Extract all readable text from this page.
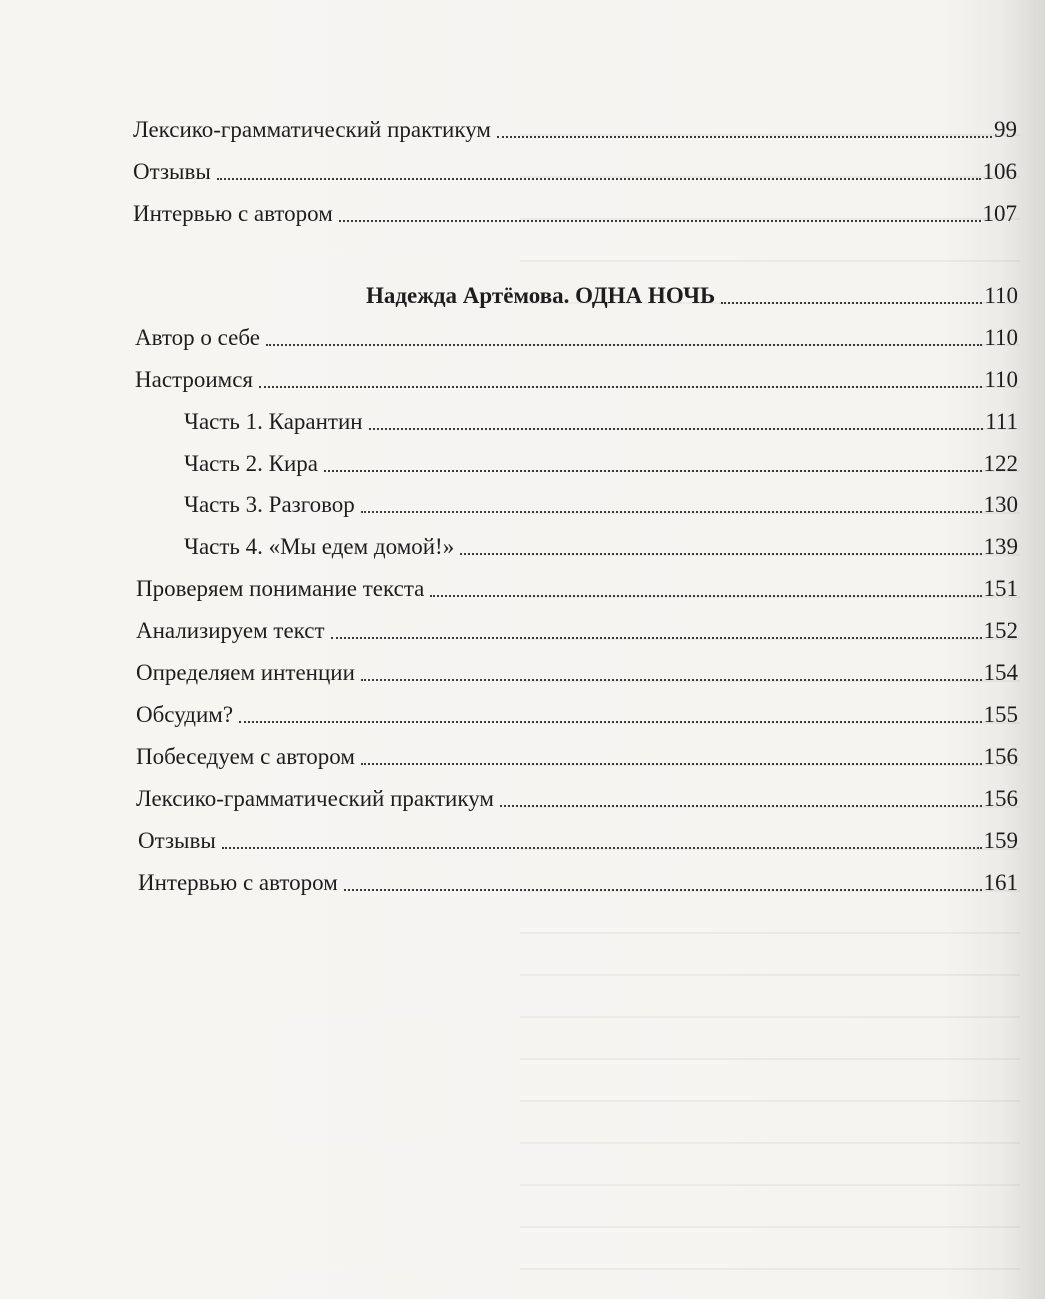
Лексико-грамматический практикум	99
Отзывы	106
Интервью с автором	107
Надежда Артёмова. ОДНА НОЧЬ	110
Автор о себе	110
Настроимся	110
Часть 1. Карантин	111
Часть 2. Кира	122
Часть 3. Разговор	130
Часть 4. «Мы едем домой!»	139
Проверяем понимание текста	151
Анализируем текст	152
Определяем интенции	154
Обсудим?	155
Побеседуем с автором	156
Лексико-грамматический практикум	156
Отзывы	159
Интервью с автором	161
